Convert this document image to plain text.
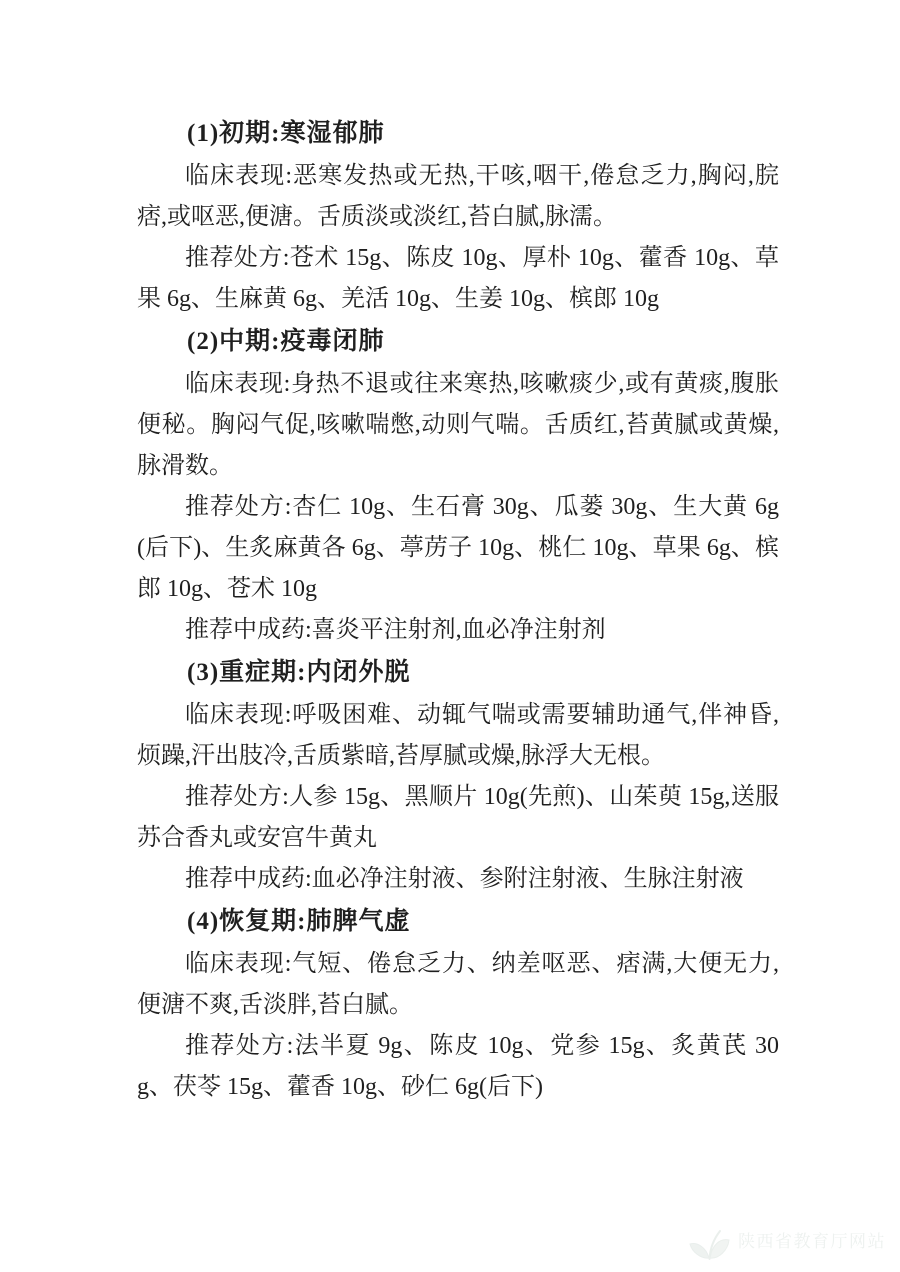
(1)初期:寒湿郁肺

临床表现:恶寒发热或无热,干咳,咽干,倦怠乏力,胸闷,脘痞,或呕恶,便溏。舌质淡或淡红,苔白腻,脉濡。

推荐处方:苍术 15g、陈皮 10g、厚朴 10g、藿香 10g、草果 6g、生麻黄 6g、羌活 10g、生姜 10g、槟郎 10g

(2)中期:疫毒闭肺

临床表现:身热不退或往来寒热,咳嗽痰少,或有黄痰,腹胀便秘。胸闷气促,咳嗽喘憋,动则气喘。舌质红,苔黄腻或黄燥,脉滑数。

推荐处方:杏仁 10g、生石膏 30g、瓜蒌 30g、生大黄 6g(后下)、生炙麻黄各 6g、葶苈子 10g、桃仁 10g、草果 6g、槟郎 10g、苍术 10g

推荐中成药:喜炎平注射剂,血必净注射剂

(3)重症期:内闭外脱

临床表现:呼吸困难、动辄气喘或需要辅助通气,伴神昏,烦躁,汗出肢冷,舌质紫暗,苔厚腻或燥,脉浮大无根。

推荐处方:人参 15g、黑顺片 10g(先煎)、山茱萸 15g,送服苏合香丸或安宫牛黄丸

推荐中成药:血必净注射液、参附注射液、生脉注射液

(4)恢复期:肺脾气虚

临床表现:气短、倦怠乏力、纳差呕恶、痞满,大便无力,便溏不爽,舌淡胖,苔白腻。

推荐处方:法半夏 9g、陈皮 10g、党参 15g、炙黄芪 30g、茯苓 15g、藿香 10g、砂仁 6g(后下)

陕西省教育厅网站
